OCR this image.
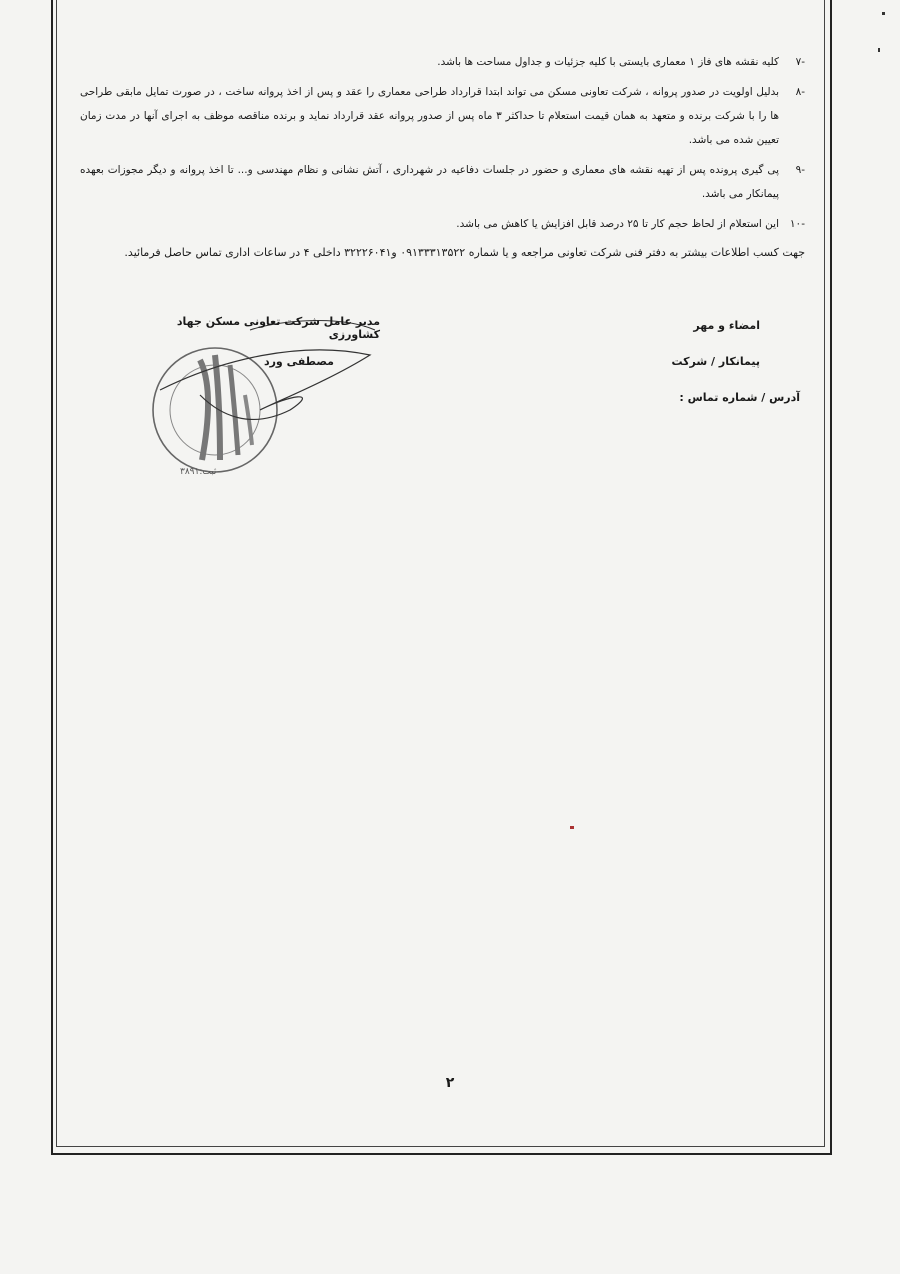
-۷
کلیه نقشه های فاز ۱ معماری بایستی با کلیه جزئیات و جداول مساحت ها باشد.
-۸
بدلیل اولویت در صدور پروانه ، شرکت تعاونی مسکن می تواند ابتدا قرارداد طراحی معماری را عقد و پس از اخذ پروانه ساخت ، در صورت تمایل مابقی طراحی ها را با شرکت برنده و متعهد به همان قیمت استعلام تا حداکثر ۳ ماه پس از صدور پروانه عقد قرارداد نماید و برنده مناقصه موظف به اجرای آنها در مدت زمان تعیین شده می باشد.
-۹
پی گیری پرونده پس از تهیه نقشه های معماری و حضور در جلسات دفاعیه در شهرداری ، آتش نشانی و نظام مهندسی و... تا اخذ پروانه و دیگر مجوزات بعهده پیمانکار می باشد.
-۱۰
این استعلام از لحاظ حجم کار تا ۲۵ درصد قابل افزایش یا کاهش می باشد.
جهت کسب اطلاعات بیشتر به دفتر فنی شرکت تعاونی مراجعه و یا شماره ۰۹۱۳۳۳۱۳۵۲۲ و۳۲۲۲۶۰۴۱ داخلی ۴ در ساعات اداری تماس حاصل فرمائید.
امضاء و مهر
پیمانکار / شرکت
آدرس / شماره تماس :
مدیر عامل شرکت تعاونی مسکن جهاد کشاورزی
مصطفی ورد
ثبت:۳۸۹۱
۲
